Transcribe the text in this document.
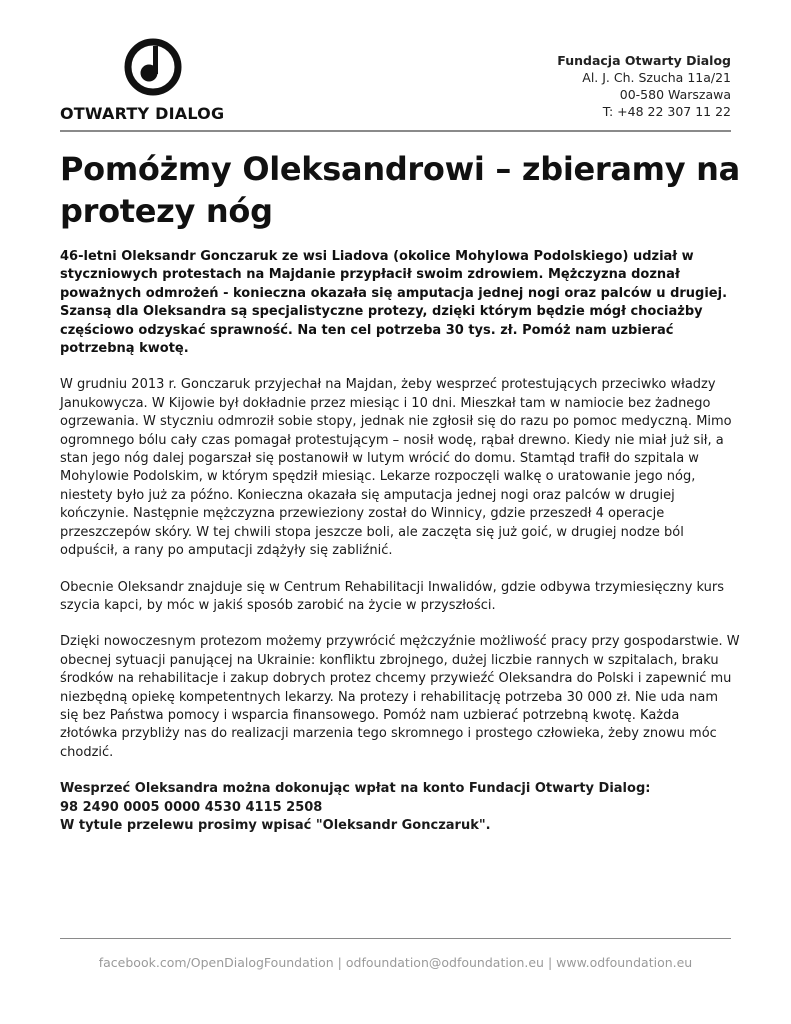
OTWARTY DIALOG
Fundacja Otwarty Dialog
Al. J. Ch. Szucha 11a/21
00-580 Warszawa
T: +48 22 307 11 22
Pomóżmy Oleksandrowi – zbieramy na protezy nóg

46-letni Oleksandr Gonczaruk ze wsi Liadova (okolice Mohylowa Podolskiego) udział w styczniowych protestach na Majdanie przypłacił swoim zdrowiem. Mężczyzna doznał poważnych odmrożeń - konieczna okazała się amputacja jednej nogi oraz palców u drugiej. Szansą dla Oleksandra są specjalistyczne protezy, dzięki którym będzie mógł chociażby częściowo odzyskać sprawność. Na ten cel potrzeba 30 tys. zł. Pomóż nam uzbierać potrzebną kwotę.

W grudniu 2013 r. Gonczaruk przyjechał na Majdan, żeby wesprzeć protestujących przeciwko władzy Janukowycza. W Kijowie był dokładnie przez miesiąc i 10 dni. Mieszkał tam w namiocie bez żadnego ogrzewania. W styczniu odmroził sobie stopy, jednak nie zgłosił się do razu po pomoc medyczną. Mimo ogromnego bólu cały czas pomagał protestującym – nosił wodę, rąbał drewno. Kiedy nie miał już sił, a stan jego nóg dalej pogarszał się postanowił w lutym wrócić do domu. Stamtąd trafił do szpitala w Mohylowie Podolskim, w którym spędził miesiąc. Lekarze rozpoczęli walkę o uratowanie jego nóg, niestety było już za późno. Konieczna okazała się amputacja jednej nogi oraz palców w drugiej kończynie. Następnie mężczyzna przewieziony został do Winnicy, gdzie przeszedł 4 operacje przeszczepów skóry. W tej chwili stopa jeszcze boli, ale zaczęta się już goić, w drugiej nodze ból odpuścił, a rany po amputacji zdążyły się zabliźnić.

Obecnie Oleksandr znajduje się w Centrum Rehabilitacji Inwalidów, gdzie odbywa trzymiesięczny kurs szycia kapci, by móc w jakiś sposób zarobić na życie w przyszłości.

Dzięki nowoczesnym protezom możemy przywrócić mężczyźnie możliwość pracy przy gospodarstwie. W obecnej sytuacji panującej na Ukrainie: konfliktu zbrojnego, dużej liczbie rannych w szpitalach, braku środków na rehabilitacje i zakup dobrych protez chcemy przywieźć Oleksandra do Polski i zapewnić mu niezbędną opiekę kompetentnych lekarzy. Na protezy i rehabilitację potrzeba 30 000 zł. Nie uda nam się bez Państwa pomocy i wsparcia finansowego. Pomóż nam uzbierać potrzebną kwotę. Każda złotówka przybliży nas do realizacji marzenia tego skromnego i prostego człowieka, żeby znowu móc chodzić.

Wesprzeć Oleksandra można dokonując wpłat na konto Fundacji Otwarty Dialog:
98 2490 0005 0000 4530 4115 2508
W tytule przelewu prosimy wpisać "Oleksandr Gonczaruk".
facebook.com/OpenDialogFoundation | odfoundation@odfoundation.eu | www.odfoundation.eu
